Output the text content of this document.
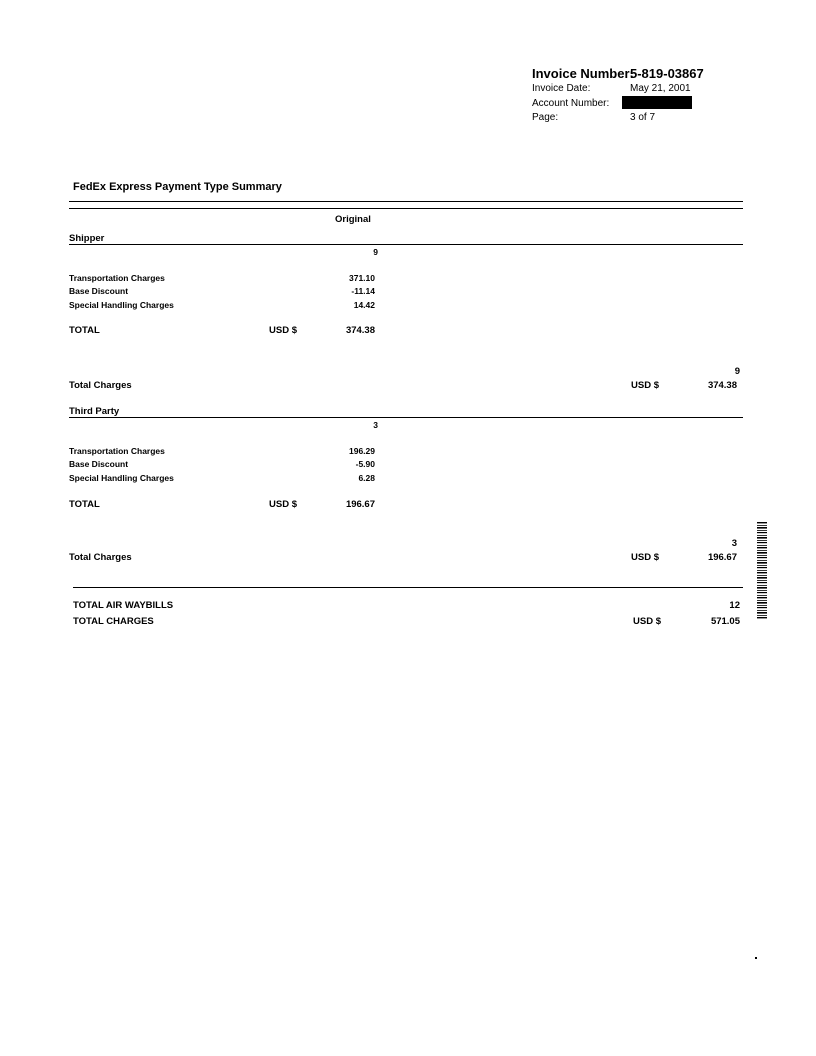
Invoice Number:
5-819-03867
Invoice Date:	May 21, 2001
Account Number:
Page:	3 of 7
FedEx Express Payment Type Summary
Original
Shipper
9
Transportation Charges	371.10
Base Discount	-11.14
Special Handling Charges	14.42
TOTAL	USD $	374.38
9
Total Charges	USD $	374.38
Third Party
3
Transportation Charges	196.29
Base Discount	-5.90
Special Handling Charges	6.28
TOTAL	USD $	196.67
3
Total Charges	USD $	196.67
TOTAL AIR WAYBILLS	12
TOTAL CHARGES	USD $	571.05
